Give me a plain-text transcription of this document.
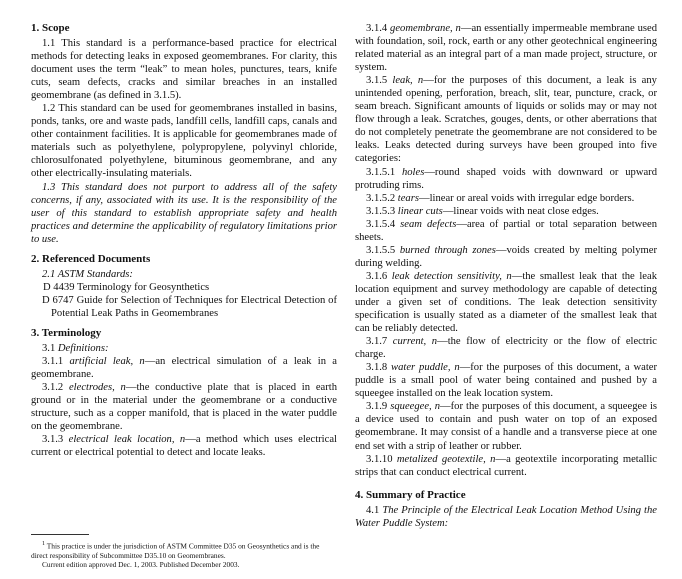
1. Scope

1.1 This standard is a performance-based practice for electrical methods for detecting leaks in exposed geomembranes. For clarity, this document uses the term “leak” to mean holes, punctures, tears, knife cuts, seam defects, cracks and similar breaches in an installed geomembrane (as defined in 3.1.5).

1.2 This standard can be used for geomembranes installed in basins, ponds, tanks, ore and waste pads, landfill cells, landfill caps, canals and other containment facilities. It is applicable for geomembranes made of materials such as polyethylene, polypropylene, polyvinyl chloride, chlorosulfonated polyethylene, bituminous geomembrane, and any other electrically-insulating materials.

1.3 This standard does not purport to address all of the safety concerns, if any, associated with its use. It is the responsibility of the user of this standard to establish appropriate safety and health practices and determine the applicability of regulatory limitations prior to use.

2. Referenced Documents

2.1 ASTM Standards:

D 4439 Terminology for Geosynthetics

D 6747 Guide for Selection of Techniques for Electrical Detection of Potential Leak Paths in Geomembranes

3. Terminology

3.1 Definitions:

3.1.1 artificial leak, n—an electrical simulation of a leak in a geomembrane.

3.1.2 electrodes, n—the conductive plate that is placed in earth ground or in the material under the geomembrane or a conductive structure, such as a copper manifold, that is placed in the water puddle on the geomembrane.

3.1.3 electrical leak location, n—a method which uses electrical current or electrical potential to detect and locate leaks.

$^1$ This practice is under the jurisdiction of ASTM Committee D35 on Geosynthetics and is the direct responsibility of Subcommittee D35.10 on Geomembranes.

Current edition approved Dec. 1, 2003. Published December 2003.

3.1.4 geomembrane, n—an essentially impermeable membrane used with foundation, soil, rock, earth or any other geotechnical engineering related material as an integral part of a man made project, structure, or system.

3.1.5 leak, n—for the purposes of this document, a leak is any unintended opening, perforation, breach, slit, tear, puncture, crack, or seam breach. Significant amounts of liquids or solids may or may not flow through a leak. Scratches, gouges, dents, or other aberrations that do not completely penetrate the geomembrane are not considered to be leaks. Leaks detected during surveys have been grouped into five categories:

3.1.5.1 holes—round shaped voids with downward or upward protruding rims.

3.1.5.2 tears—linear or areal voids with irregular edge borders.

3.1.5.3 linear cuts—linear voids with neat close edges.

3.1.5.4 seam defects—area of partial or total separation between sheets.

3.1.5.5 burned through zones—voids created by melting polymer during welding.

3.1.6 leak detection sensitivity, n—the smallest leak that the leak location equipment and survey methodology are capable of detecting under a given set of conditions. The leak detection sensitivity specification is usually stated as a diameter of the smallest leak that can be reliably detected.

3.1.7 current, n—the flow of electricity or the flow of electric charge.

3.1.8 water puddle, n—for the purposes of this document, a water puddle is a small pool of water being contained and pushed by a squeegee installed on the leak location system.

3.1.9 squeegee, n—for the purposes of this document, a squeegee is a device used to contain and push water on top of an exposed geomembrane. It may consist of a handle and a transverse piece at one end set with a strip of leather or rubber.

3.1.10 metalized geotextile, n—a geotextile incorporating metallic strips that can conduct electrical current.

4. Summary of Practice

4.1 The Principle of the Electrical Leak Location Method Using the Water Puddle System:
